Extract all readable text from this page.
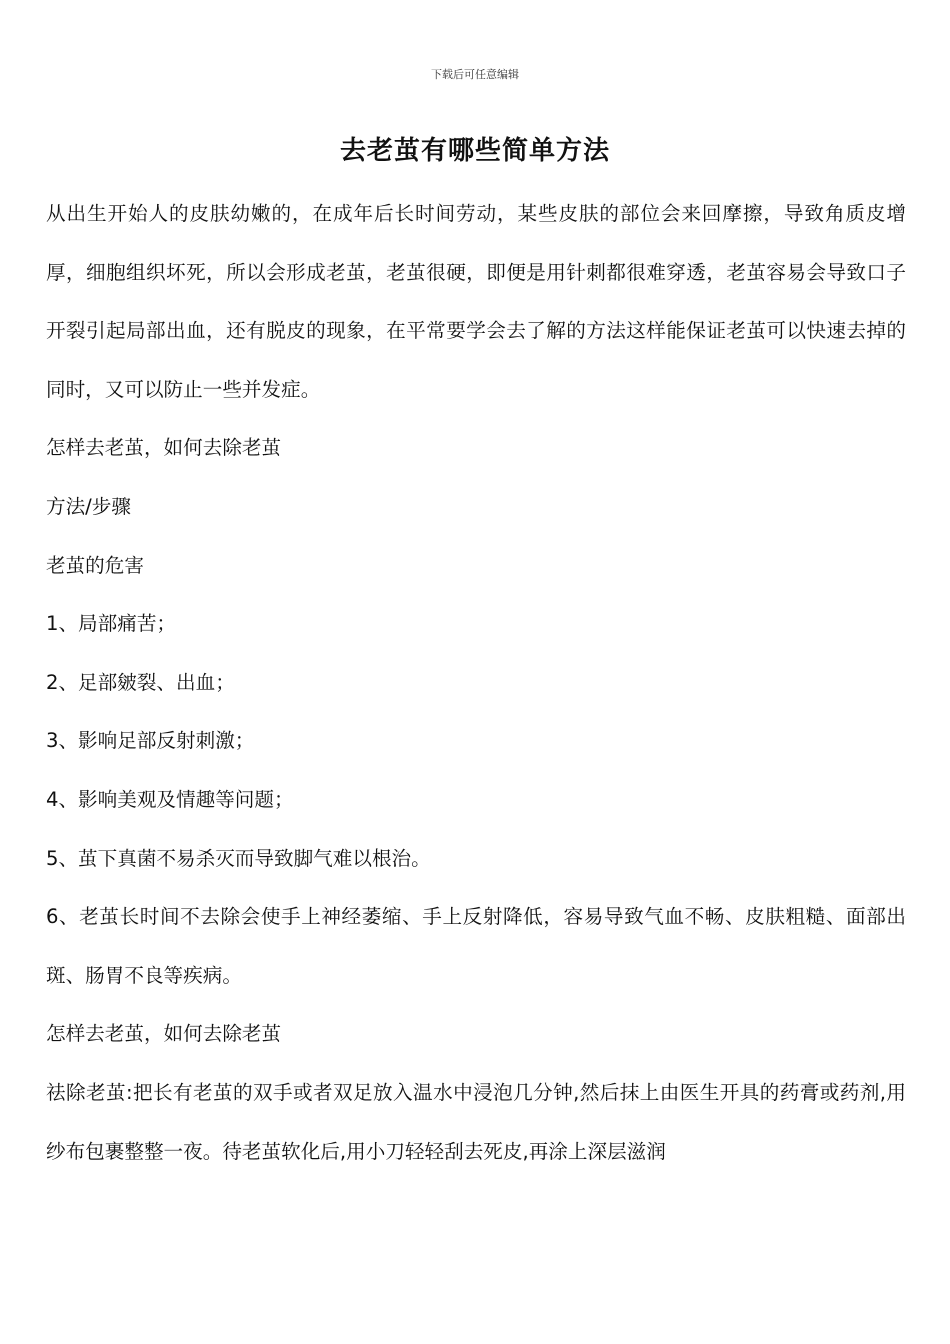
下载后可任意编辑
去老茧有哪些简单方法

从出生开始人的皮肤幼嫩的，在成年后长时间劳动，某些皮肤的部位会来回摩擦，导致角质皮增厚，细胞组织坏死，所以会形成老茧，老茧很硬，即便是用针刺都很难穿透，老茧容易会导致口子开裂引起局部出血，还有脱皮的现象，在平常要学会去了解的方法这样能保证老茧可以快速去掉的同时，又可以防止一些并发症。

怎样去老茧，如何去除老茧

方法/步骤

老茧的危害

1、局部痛苦；

2、足部皴裂、出血；

3、影响足部反射刺激；

4、影响美观及情趣等问题；

5、茧下真菌不易杀灭而导致脚气难以根治。

6、老茧长时间不去除会使手上神经萎缩、手上反射降低，容易导致气血不畅、皮肤粗糙、面部出斑、肠胃不良等疾病。

怎样去老茧，如何去除老茧

祛除老茧:把长有老茧的双手或者双足放入温水中浸泡几分钟,然后抹上由医生开具的药膏或药剂,用纱布包裹整整一夜。待老茧软化后,用小刀轻轻刮去死皮,再涂上深层滋润
